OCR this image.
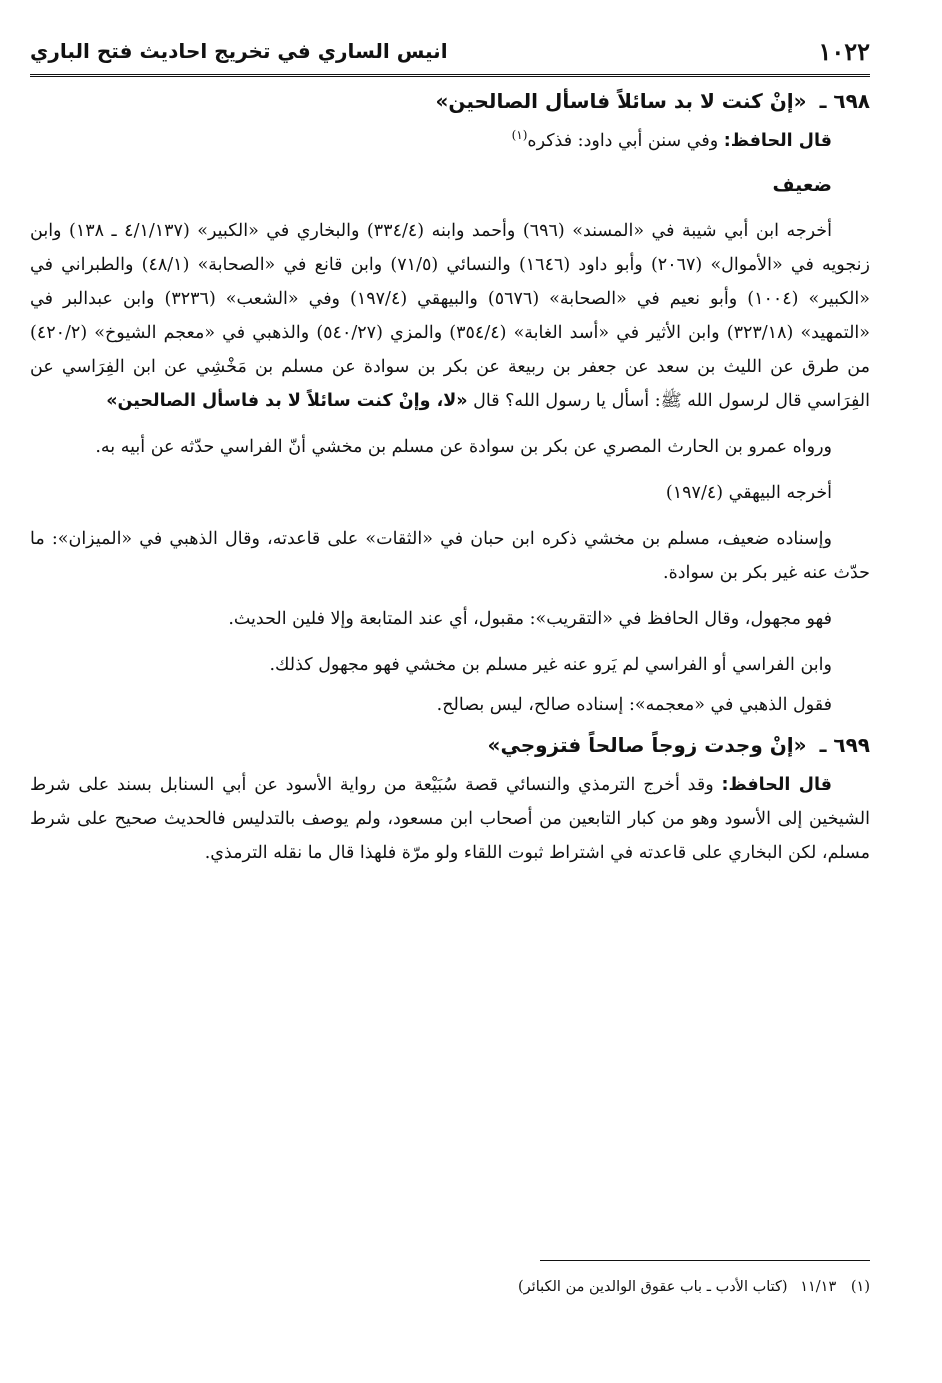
١٠٢٢
انيس الساري في تخريج احاديث فتح الباري

٦٩٨ ـ «إنْ كنت لا بد سائلاً فاسأل الصالحين»

قال الحافظ: وفي سنن أبي داود: فذكره$^{(١)}$

ضعيف

أخرجه ابن أبي شيبة في «المسند» (٦٩٦) وأحمد وابنه (٣٣٤/٤) والبخاري في «الكبير» (٤/١/١٣٧ ـ ١٣٨) وابن زنجويه في «الأموال» (٢٠٦٧) وأبو داود (١٦٤٦) والنسائي (٧١/٥) وابن قانع في «الصحابة» (٤٨/١) والطبراني في «الكبير» (١٠٠٤) وأبو نعيم في «الصحابة» (٥٦٧٦) والبيهقي (١٩٧/٤) وفي «الشعب» (٣٢٣٦) وابن عبدالبر في «التمهيد» (٣٢٣/١٨) وابن الأثير في «أسد الغابة» (٣٥٤/٤) والمزي (٥٤٠/٢٧) والذهبي في «معجم الشيوخ» (٤٢٠/٢) من طرق عن الليث بن سعد عن جعفر بن ربيعة عن بكر بن سوادة عن مسلم بن مَخْشِي عن ابن الفِرَاسي عن الفِرَاسي قال لرسول الله ﷺ: أسأل يا رسول الله؟ قال «لا، وإنْ كنت سائلاً لا بد فاسأل الصالحين»

ورواه عمرو بن الحارث المصري عن بكر بن سوادة عن مسلم بن مخشي أنّ الفراسي حدّثه عن أبيه به.

أخرجه البيهقي (١٩٧/٤)

وإسناده ضعيف، مسلم بن مخشي ذكره ابن حبان في «الثقات» على قاعدته، وقال الذهبي في «الميزان»: ما حدّث عنه غير بكر بن سوادة.

فهو مجهول، وقال الحافظ في «التقريب»: مقبول، أي عند المتابعة وإلا فلين الحديث.

وابن الفراسي أو الفراسي لم يَرو عنه غير مسلم بن مخشي فهو مجهول كذلك.

فقول الذهبي في «معجمه»: إسناده صالح، ليس بصالح.

٦٩٩ ـ «إنْ وجدت زوجاً صالحاً فتزوجي»

قال الحافظ: وقد أخرج الترمذي والنسائي قصة سُبَيْعة من رواية الأسود عن أبي السنابل بسند على شرط الشيخين إلى الأسود وهو من كبار التابعين من أصحاب ابن مسعود، ولم يوصف بالتدليس فالحديث صحيح على شرط مسلم، لكن البخاري على قاعدته في اشتراط ثبوت اللقاء ولو مرّة فلهذا قال ما نقله الترمذي.

(١) ١١/١٣ (كتاب الأدب ـ باب عقوق الوالدين من الكبائر)
